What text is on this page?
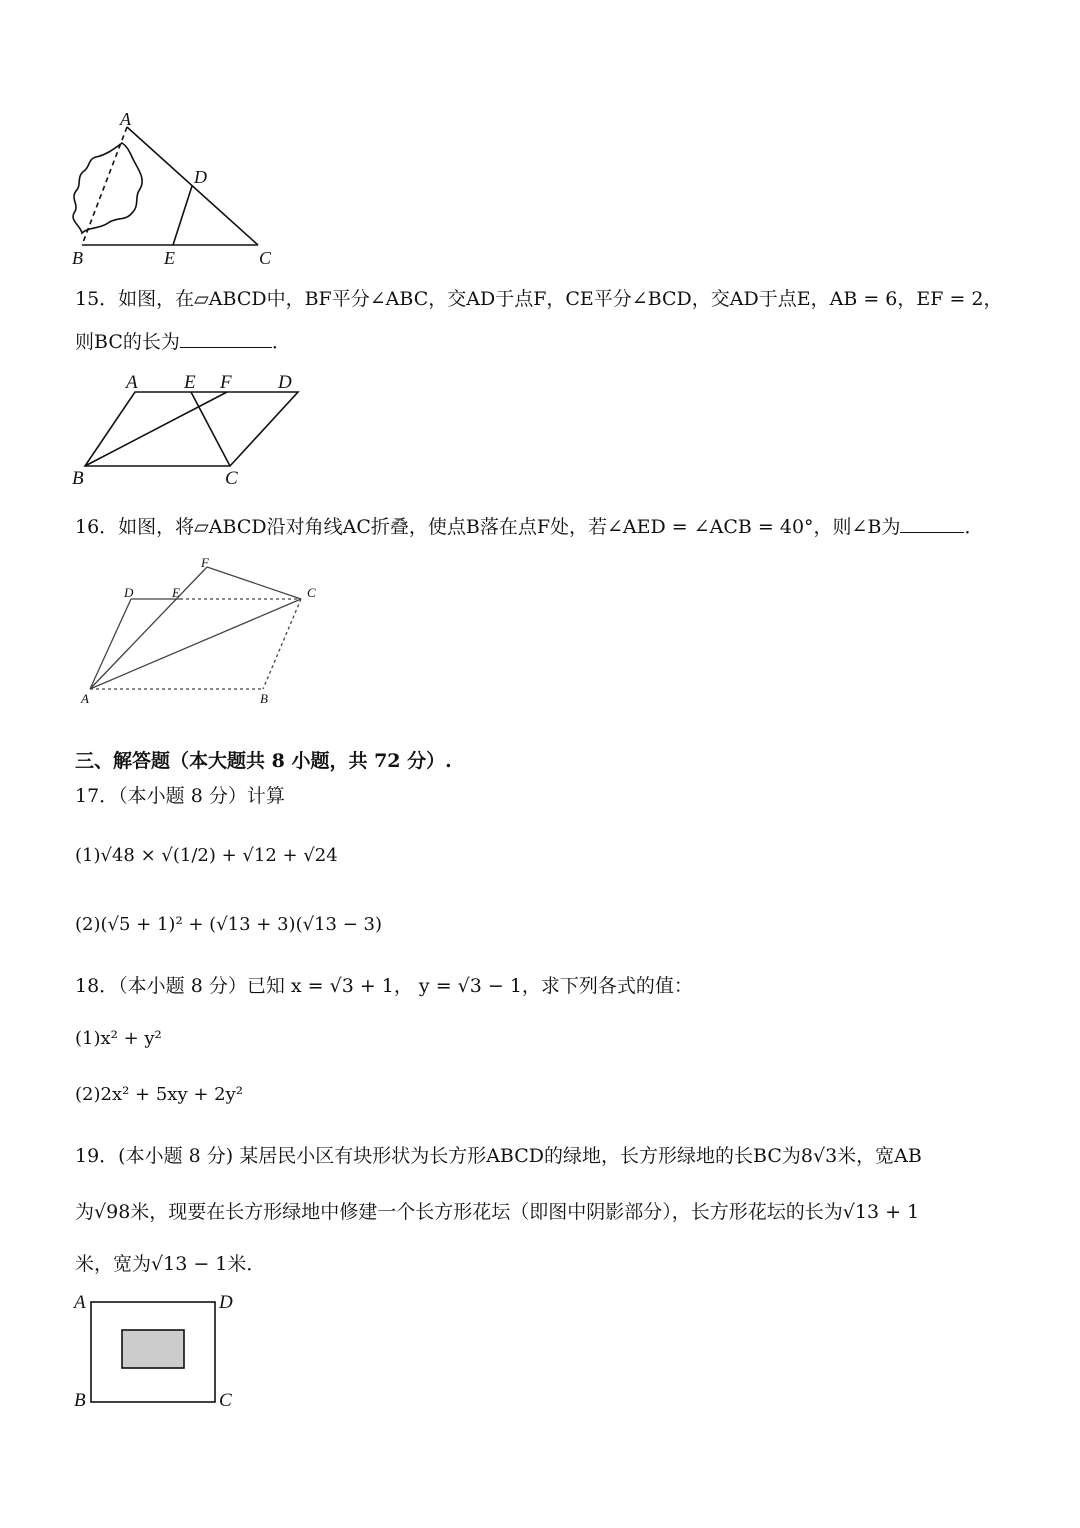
A
D
B	E	C
15．如图，在▱ABCD中，BF平分∠ABC，交AD于点F，CE平分∠BCD，交AD于点E，AB = 6，EF = 2，
则BC的长为	．
A E F D
B	C
16．如图，将▱ABCD沿对角线AC折叠，使点B落在点F处，若∠AED = ∠ACB = 40°，则∠B为	．
F
D	E	C
A	B
三、解答题（本大题共 8 小题，共 72 分）.
17．（本小题 8 分）计算
(1)√48 × √(1/2) + √12 + √24
(2)(√5 + 1)² + (√13 + 3)(√13 − 3)
18．（本小题 8 分）已知 x = √3 + 1， y = √3 − 1，求下列各式的值：
(1)x² + y²
(2)2x² + 5xy + 2y²
19．(本小题 8 分) 某居民小区有块形状为长方形ABCD的绿地，长方形绿地的长BC为8√3米，宽AB
为√98米，现要在长方形绿地中修建一个长方形花坛（即图中阴影部分），长方形花坛的长为√13 + 1
米，宽为√13 − 1米．
A	D
B	C
